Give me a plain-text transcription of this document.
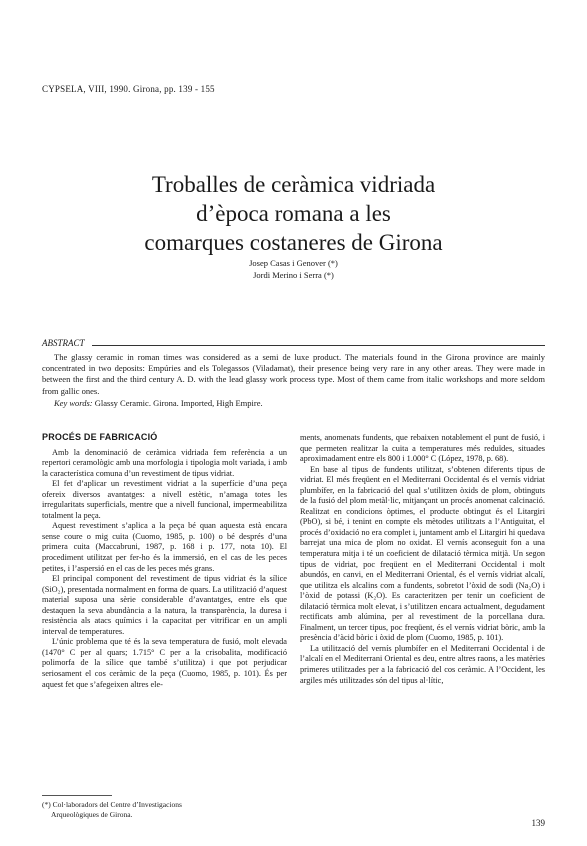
CYPSELA, VIII, 1990. Girona, pp. 139 - 155
Troballes de ceràmica vidriada
d’època romana a les
comarques costaneres de Girona
Josep Casas i Genover (*)
Jordi Merino i Serra (*)
ABSTRACT
The glassy ceramic in roman times was considered as a semi de luxe product. The materials found in the Girona province are mainly concentrated in two deposits: Empúries and els Tolegassos (Viladamat), their presence being very rare in any other areas. They were made in between the first and the third century A. D. with the lead glassy work process type. Most of them came from italic workshops and more seldom from gallic ones.
Key words: Glassy Ceramic. Girona. Imported, High Empire.
PROCÉS DE FABRICACIÓ

Amb la denominació de ceràmica vidriada fem referència a un repertori ceramològic amb una morfologia i tipologia molt variada, i amb la característica comuna d’un revestiment de tipus vidriat.

El fet d’aplicar un revestiment vidriat a la superfície d’una peça ofereix diversos avantatges: a nivell estètic, n’amaga totes les irregularitats superficials, mentre que a nivell funcional, impermeabilitza totalment la peça.

Aquest revestiment s’aplica a la peça bé quan aquesta està encara sense coure o mig cuita (Cuomo, 1985, p. 100) o bé després d’una primera cuita (Maccabruni, 1987, p. 168 i p. 177, nota 10). El procediment utilitzat per fer-ho és la immersió, en el cas de les peces petites, i l’aspersió en el cas de les peces més grans.

El principal component del revestiment de tipus vidriat és la sílice (SiO₂), presentada normalment en forma de quars. La utilització d’aquest material suposa una sèrie considerable d’avantatges, entre els que destaquen la seva abundància a la natura, la transparència, la duresa i resistència als atacs químics i la capacitat per vitrificar en un ampli interval de temperatures.

L’únic problema que té és la seva temperatura de fusió, molt elevada (1470° C per al quars; 1.715° C per a la crisobalita, modificació polimorfa de la sílice que també s’utilitza) i que pot perjudicar seriosament el cos ceràmic de la peça (Cuomo, 1985, p. 101). És per aquest fet que s’afegeixen altres ele-

ments, anomenats fundents, que rebaixen notablement el punt de fusió, i que permeten realitzar la cuita a temperatures més reduïdes, situades aproximadament entre els 800 i 1.000° C (López, 1978, p. 68).

En base al tipus de fundents utilitzat, s’obtenen diferents tipus de vidriat. El més freqüent en el Mediterrani Occidental és el vernís vidriat plumbífer, en la fabricació del qual s’utilitzen òxids de plom, obtinguts de la fusió del plom metàl·lic, mitjançant un procés anomenat calcinació. Realitzat en condicions òptimes, el producte obtingut és el Litargiri (PbO), si bé, i tenint en compte els mètodes utilitzats a l’Antiguitat, el procés d’oxidació no era complet i, juntament amb el Litargiri hi quedava barrejat una mica de plom no oxidat. El vernís aconseguit fon a una temperatura mitja i té un coeficient de dilatació tèrmica mitjà. Un segon tipus de vidriat, poc freqüent en el Mediterrani Occidental i molt abundós, en canvi, en el Mediterrani Oriental, és el vernís vidriat alcalí, que utilitza els alcalins com a fundents, sobretot l’òxid de sodi (Na₂O) i l’òxid de potassi (K₂O). Es caracteritzen per tenir un coeficient de dilatació tèrmica molt elevat, i s’utilitzen encara actualment, degudament rectificats amb alúmina, per al revestiment de la porcellana dura. Finalment, un tercer tipus, poc freqüent, és el vernís vidriat bòric, amb la presència d’àcid bòric i òxid de plom (Cuomo, 1985, p. 101).

La utilització del vernís plumbífer en el Mediterrani Occidental i de l’alcalí en el Mediterrani Oriental es deu, entre altres raons, a les matèries primeres utilitzades per a la fabricació del cos ceràmic. A l’Occident, les argiles més utilitzades són del tipus al·lític,

(*) Col·laboradors del Centre d’Investigacions
Arqueològiques de Girona.
139
